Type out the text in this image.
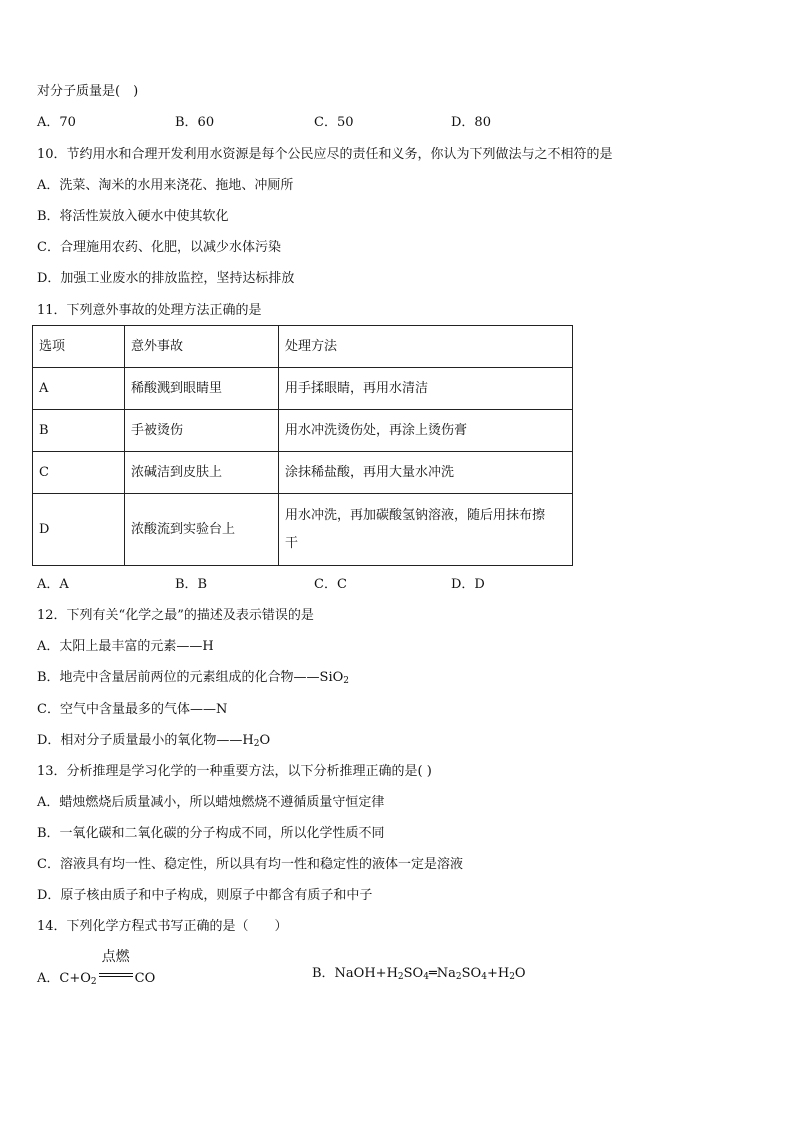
对分子质量是(　)
A．70	B．60	C．50	D．80
10．节约用水和合理开发利用水资源是每个公民应尽的责任和义务，你认为下列做法与之不相符的是
A．洗菜、淘米的水用来浇花、拖地、冲厕所
B．将活性炭放入硬水中使其软化
C．合理施用农药、化肥，以减少水体污染
D．加强工业废水的排放监控，坚持达标排放
11．下列意外事故的处理方法正确的是
选项	意外事故	处理方法
A	稀酸溅到眼睛里	用手揉眼睛，再用水清洁
B	手被烫伤	用水冲洗烫伤处，再涂上烫伤膏
C	浓碱洁到皮肤上	涂抹稀盐酸，再用大量水冲洗
D	浓酸流到实验台上	用水冲洗，再加碳酸氢钠溶液，随后用抹布擦
干
A．A	B．B	C．C	D．D
12．下列有关“化学之最”的描述及表示错误的是
A．太阳上最丰富的元素——H
B．地壳中含量居前两位的元素组成的化合物——SiO$_2$
C．空气中含量最多的气体——N
D．相对分子质量最小的氧化物$——H_2O$
13．分析推理是学习化学的一种重要方法，以下分析推理正确的是( )
A．蜡烛燃烧后质量减小，所以蜡烛燃烧不遵循质量守恒定律
B．一氧化碳和二氧化碳的分子构成不同，所以化学性质不同
C．溶液具有均一性、稳定性，所以具有均一性和稳定性的液体一定是溶液
D．原子核由质子和中子构成，则原子中都含有质子和中子
14．下列化学方程式书写正确的是（　　）
A．$C+O_2$
点燃
CO	B．$NaOH+H_2SO_4═Na_2SO_4+H_2O$
